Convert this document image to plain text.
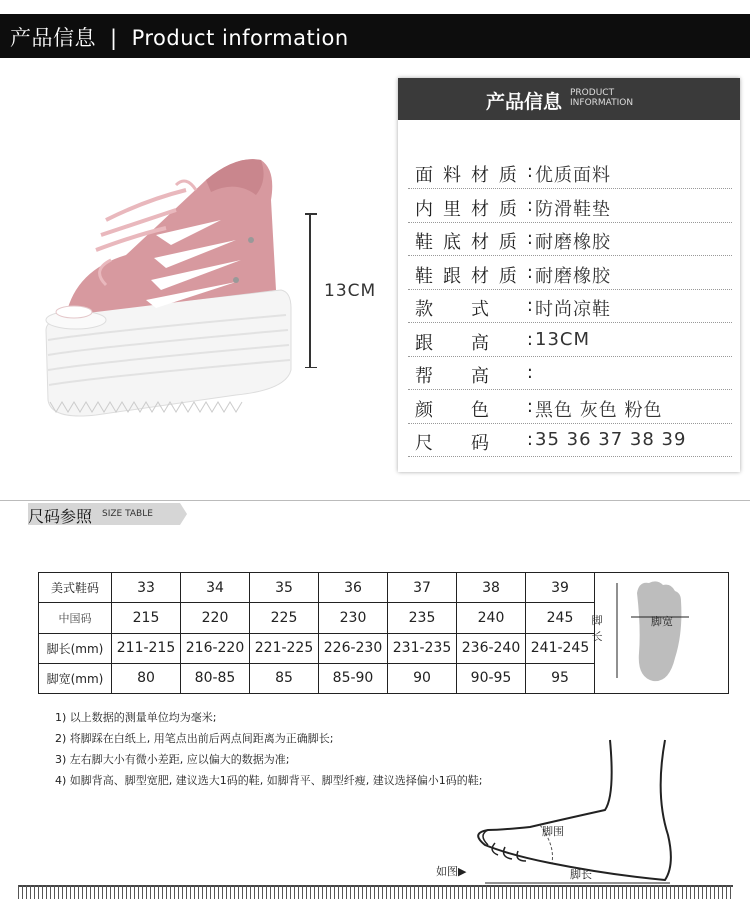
产品信息 | Product information
13CM
产品信息 PRODUCT
INFORMATION
面 料 材 质 : 优质面料
内 里 材 质 : 防滑鞋垫
鞋 底 材 质 : 耐磨橡胶
鞋 跟 材 质 : 耐磨橡胶
款 式 : 时尚凉鞋
跟 高 : 13CM
帮 高 :
颜 色 : 黑色 灰色 粉色
尺 码 : 35 36 37 38 39
尺码参照 SIZE TABLE
美式鞋码	33	34	35	36	37	38	39	脚长
脚宽

中国码	215	220	225	230	235	240	245	
脚长(mm)	211-215	216-220	221-225	226-230	231-235	236-240	241-245	
脚宽(mm)	80	80-85	85	85-90	90	90-95	95	
1) 以上数据的测量单位均为毫米;
2) 将脚踩在白纸上, 用笔点出前后两点间距离为正确脚长;
3) 左右脚大小有微小差距, 应以偏大的数据为准;
4) 如脚背高、脚型宽肥, 建议选大1码的鞋, 如脚背平、脚型纤瘦, 建议选择偏小1码的鞋;
脚围
脚长
如图▶
